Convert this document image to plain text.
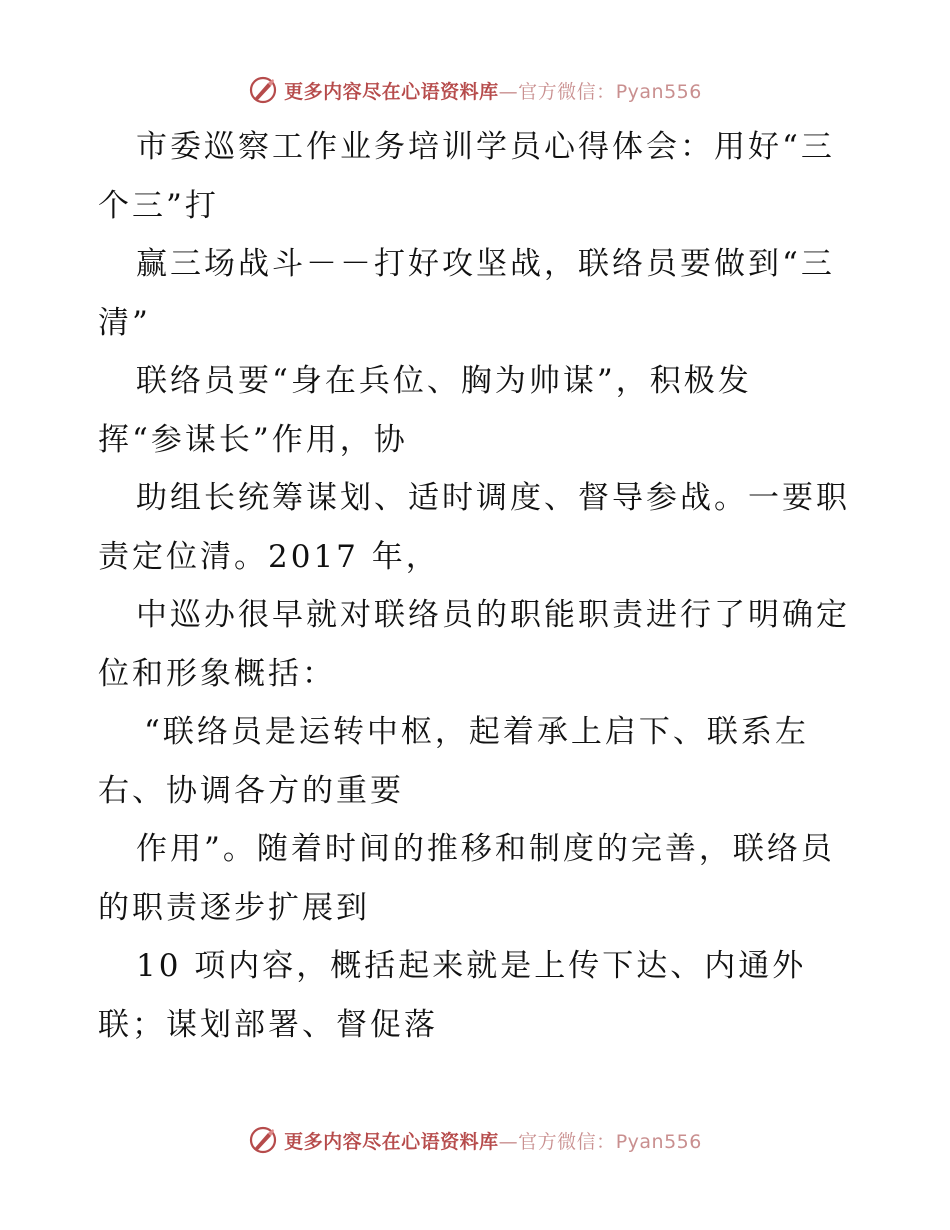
更多内容尽在心语资料库—官方微信：Pyan556
市委巡察工作业务培训学员心得体会：用好“三
个三”打
赢三场战斗－－打好攻坚战，联络员要做到“三
清”
联络员要“身在兵位、胸为帅谋”，积极发
挥“参谋长”作用，协
助组长统筹谋划、适时调度、督导参战。一要职
责定位清。2017 年，
中巡办很早就对联络员的职能职责进行了明确定
位和形象概括：
“联络员是运转中枢，起着承上启下、联系左
右、协调各方的重要
作用”。随着时间的推移和制度的完善，联络员
的职责逐步扩展到
10 项内容，概括起来就是上传下达、内通外
联；谋划部署、督促落
更多内容尽在心语资料库—官方微信：Pyan556
